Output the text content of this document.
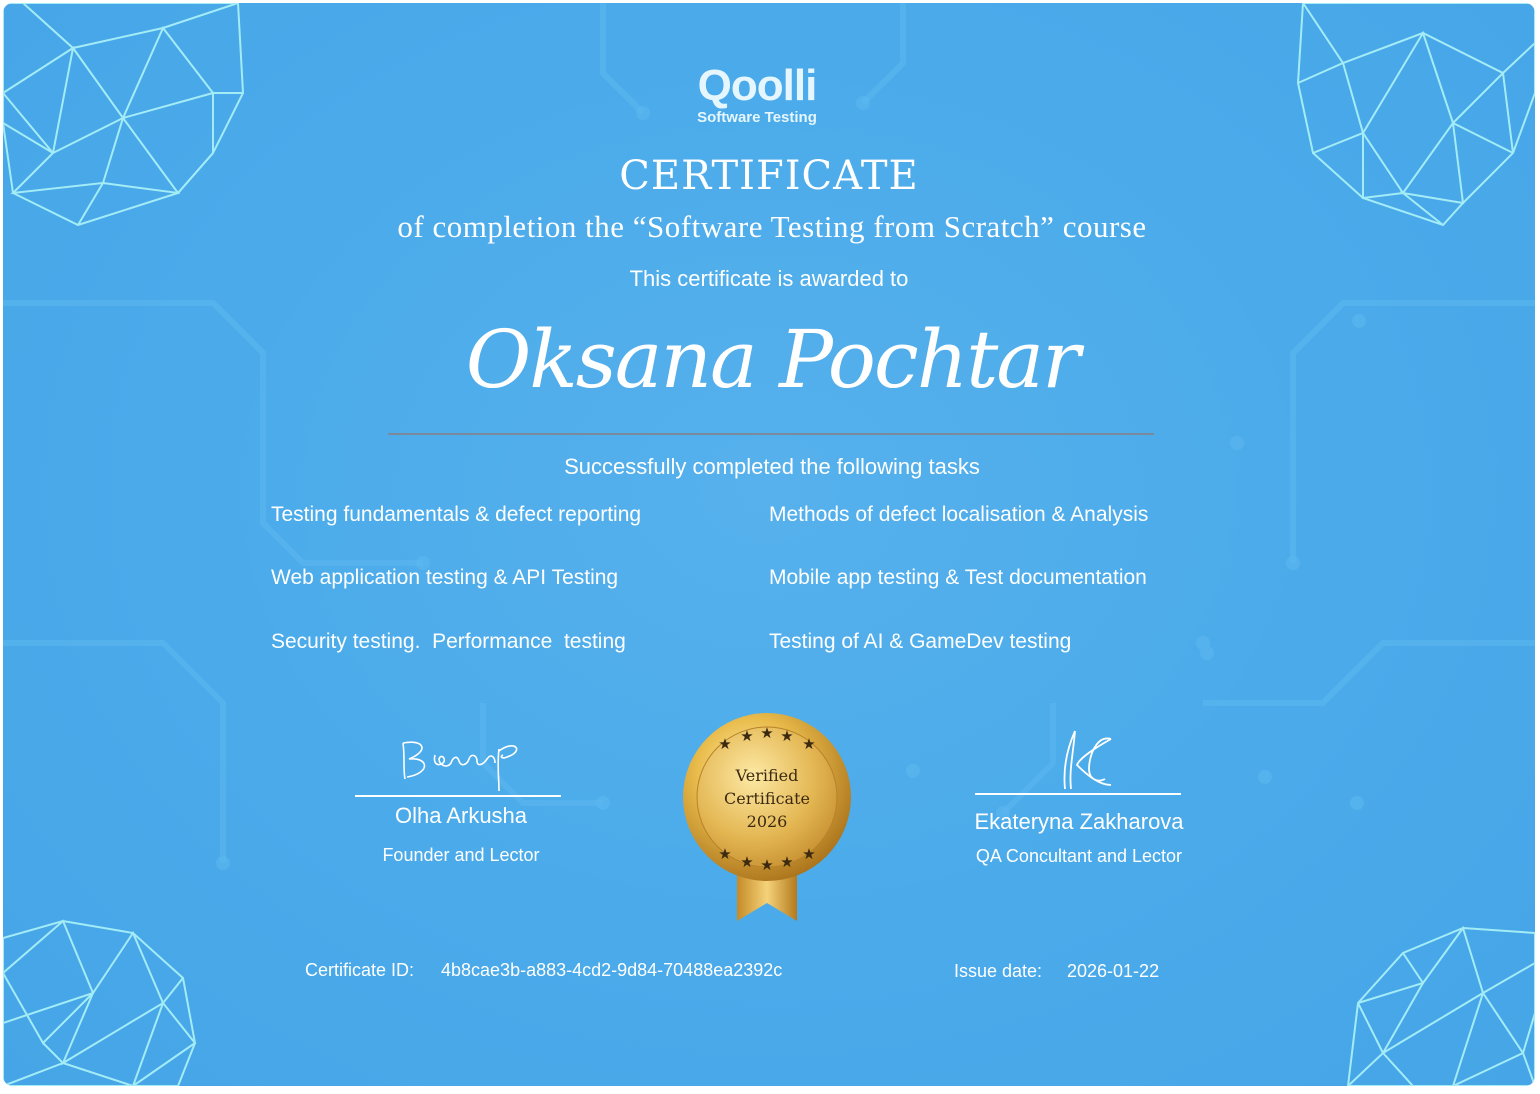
Qoolli
Software Testing
CERTIFICATE
of completion the “Software Testing from Scratch” course
This certificate is awarded to
Oksana Pochtar
Successfully completed the following tasks
Testing fundamentals & defect reporting	Methods of defect localisation & Analysis
Web application testing & API Testing	Mobile app testing & Test documentation
Security testing.  Performance  testing	Testing of AI & GameDev testing
Olha Arkusha
Founder and Lector
★ ★ ★ ★ ★
★ ★ ★ ★ ★
Verified
Certificate
2026	Ekateryna Zakharova
QA Concultant and Lector
Certificate ID: 4b8cae3b-a883-4cd2-9d84-70488ea2392c	Issue date: 2026-01-22
